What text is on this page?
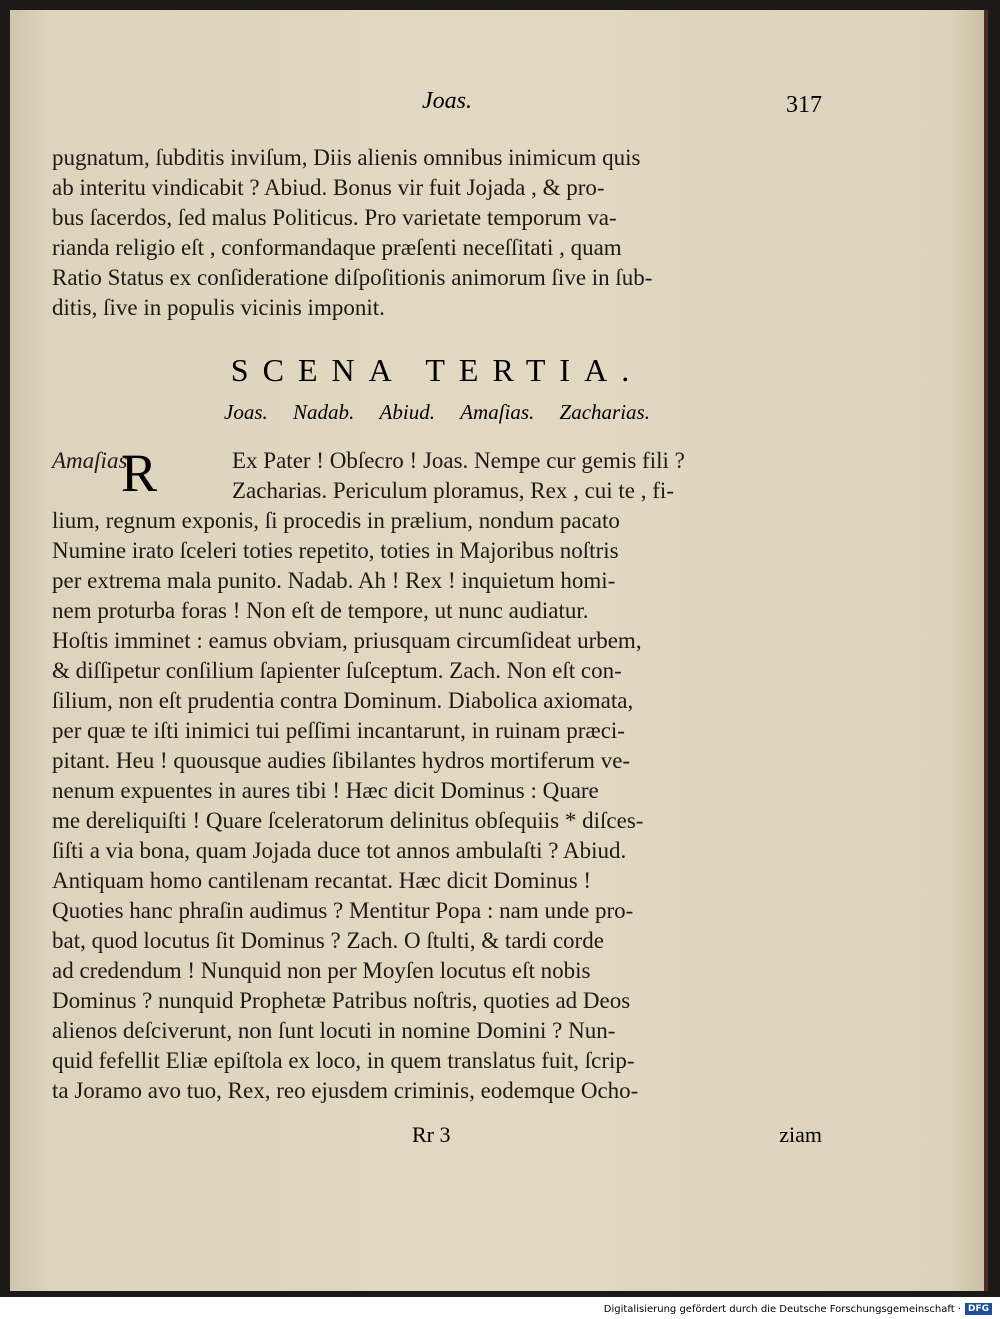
Joas.	317
pugnatum, ſubditis inviſum, Diis alienis omnibus inimicum quis
ab interitu vindicabit ? Abiud. Bonus vir fuit Jojada , & pro-
bus ſacerdos, ſed malus Politicus. Pro varietate temporum va-
rianda religio eſt , conformandaque præſenti neceſſitati , quam
Ratio Status ex conſideratione diſpoſitionis animorum ſive in ſub-
ditis, ſive in populis vicinis imponit.
SCENA TERTIA.
Joas. Nadab. Abiud. Amaſias. Zacharias.
Amaſias.
R	Ex Pater ! Obſecro ! Joas. Nempe cur gemis fili ?
Zacharias. Periculum ploramus, Rex , cui te , fi-
lium, regnum exponis, ſi procedis in prælium, nondum pacato
Numine irato ſceleri toties repetito, toties in Majoribus noſtris
per extrema mala punito. Nadab. Ah ! Rex ! inquietum homi-
nem proturba foras ! Non eſt de tempore, ut nunc audiatur.
Hoſtis imminet : eamus obviam, priusquam circumſideat urbem,
& diſſipetur conſilium ſapienter ſuſceptum. Zach. Non eſt con-
ſilium, non eſt prudentia contra Dominum. Diabolica axiomata,
per quæ te iſti inimici tui peſſimi incantarunt, in ruinam præci-
pitant. Heu ! quousque audies ſibilantes hydros mortiferum ve-
nenum expuentes in aures tibi ! Hæc dicit Dominus : Quare
me dereliquiſti ! Quare ſceleratorum delinitus obſequiis * diſces-
ſiſti a via bona, quam Jojada duce tot annos ambulaſti ? Abiud.
Antiquam homo cantilenam recantat. Hæc dicit Dominus !
Quoties hanc phraſin audimus ? Mentitur Popa : nam unde pro-
bat, quod locutus ſit Dominus ? Zach. O ſtulti, & tardi corde
ad credendum ! Nunquid non per Moyſen locutus eſt nobis
Dominus ? nunquid Prophetæ Patribus noſtris, quoties ad Deos
alienos deſciverunt, non ſunt locuti in nomine Domini ? Nun-
quid fefellit Eliæ epiſtola ex loco, in quem translatus fuit, ſcrip-
ta Joramo avo tuo, Rex, reo ejusdem criminis, eodemque Ocho-
Rr 3	ziam
Digitalisierung gefördert durch die Deutsche Forschungsgemeinschaft · DFG
